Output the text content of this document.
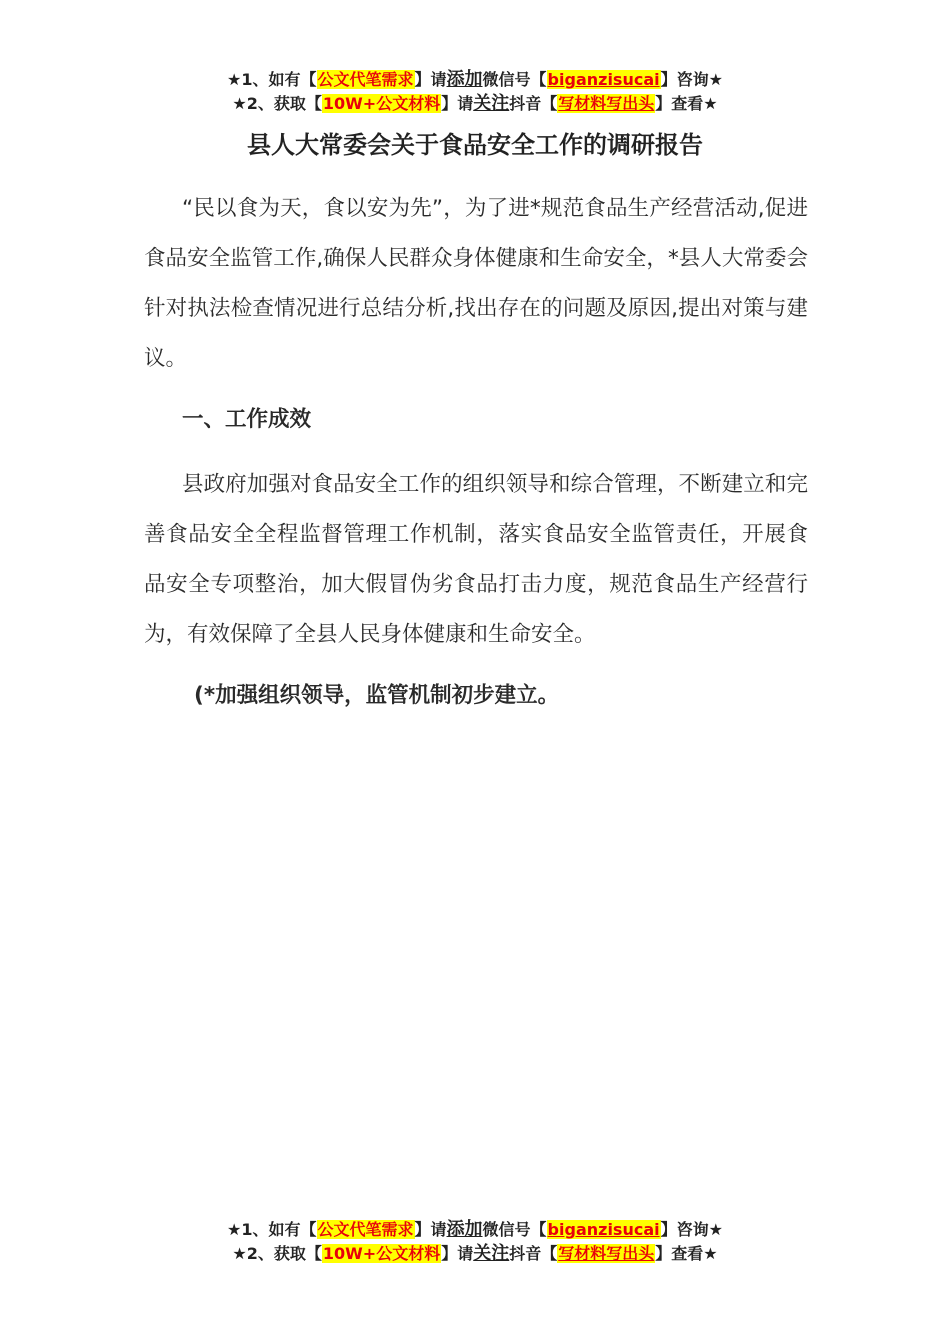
★1、如有【公文代笔需求】请添加微信号【biganzisucai】咨询★
★2、获取【10W+公文材料】请关注抖音【写材料写出头】查看★
县人大常委会关于食品安全工作的调研报告
“民以食为天，食以安为先”，为了进*规范食品生产经营活动,促进食品安全监管工作,确保人民群众身体健康和生命安全，*县人大常委会针对执法检查情况进行总结分析,找出存在的问题及原因,提出对策与建议。
一、工作成效
县政府加强对食品安全工作的组织领导和综合管理，不断建立和完善食品安全全程监督管理工作机制，落实食品安全监管责任，开展食品安全专项整治，加大假冒伪劣食品打击力度，规范食品生产经营行为，有效保障了全县人民身体健康和生命安全。
(*加强组织领导，监管机制初步建立。
★1、如有【公文代笔需求】请添加微信号【biganzisucai】咨询★
★2、获取【10W+公文材料】请关注抖音【写材料写出头】查看★
